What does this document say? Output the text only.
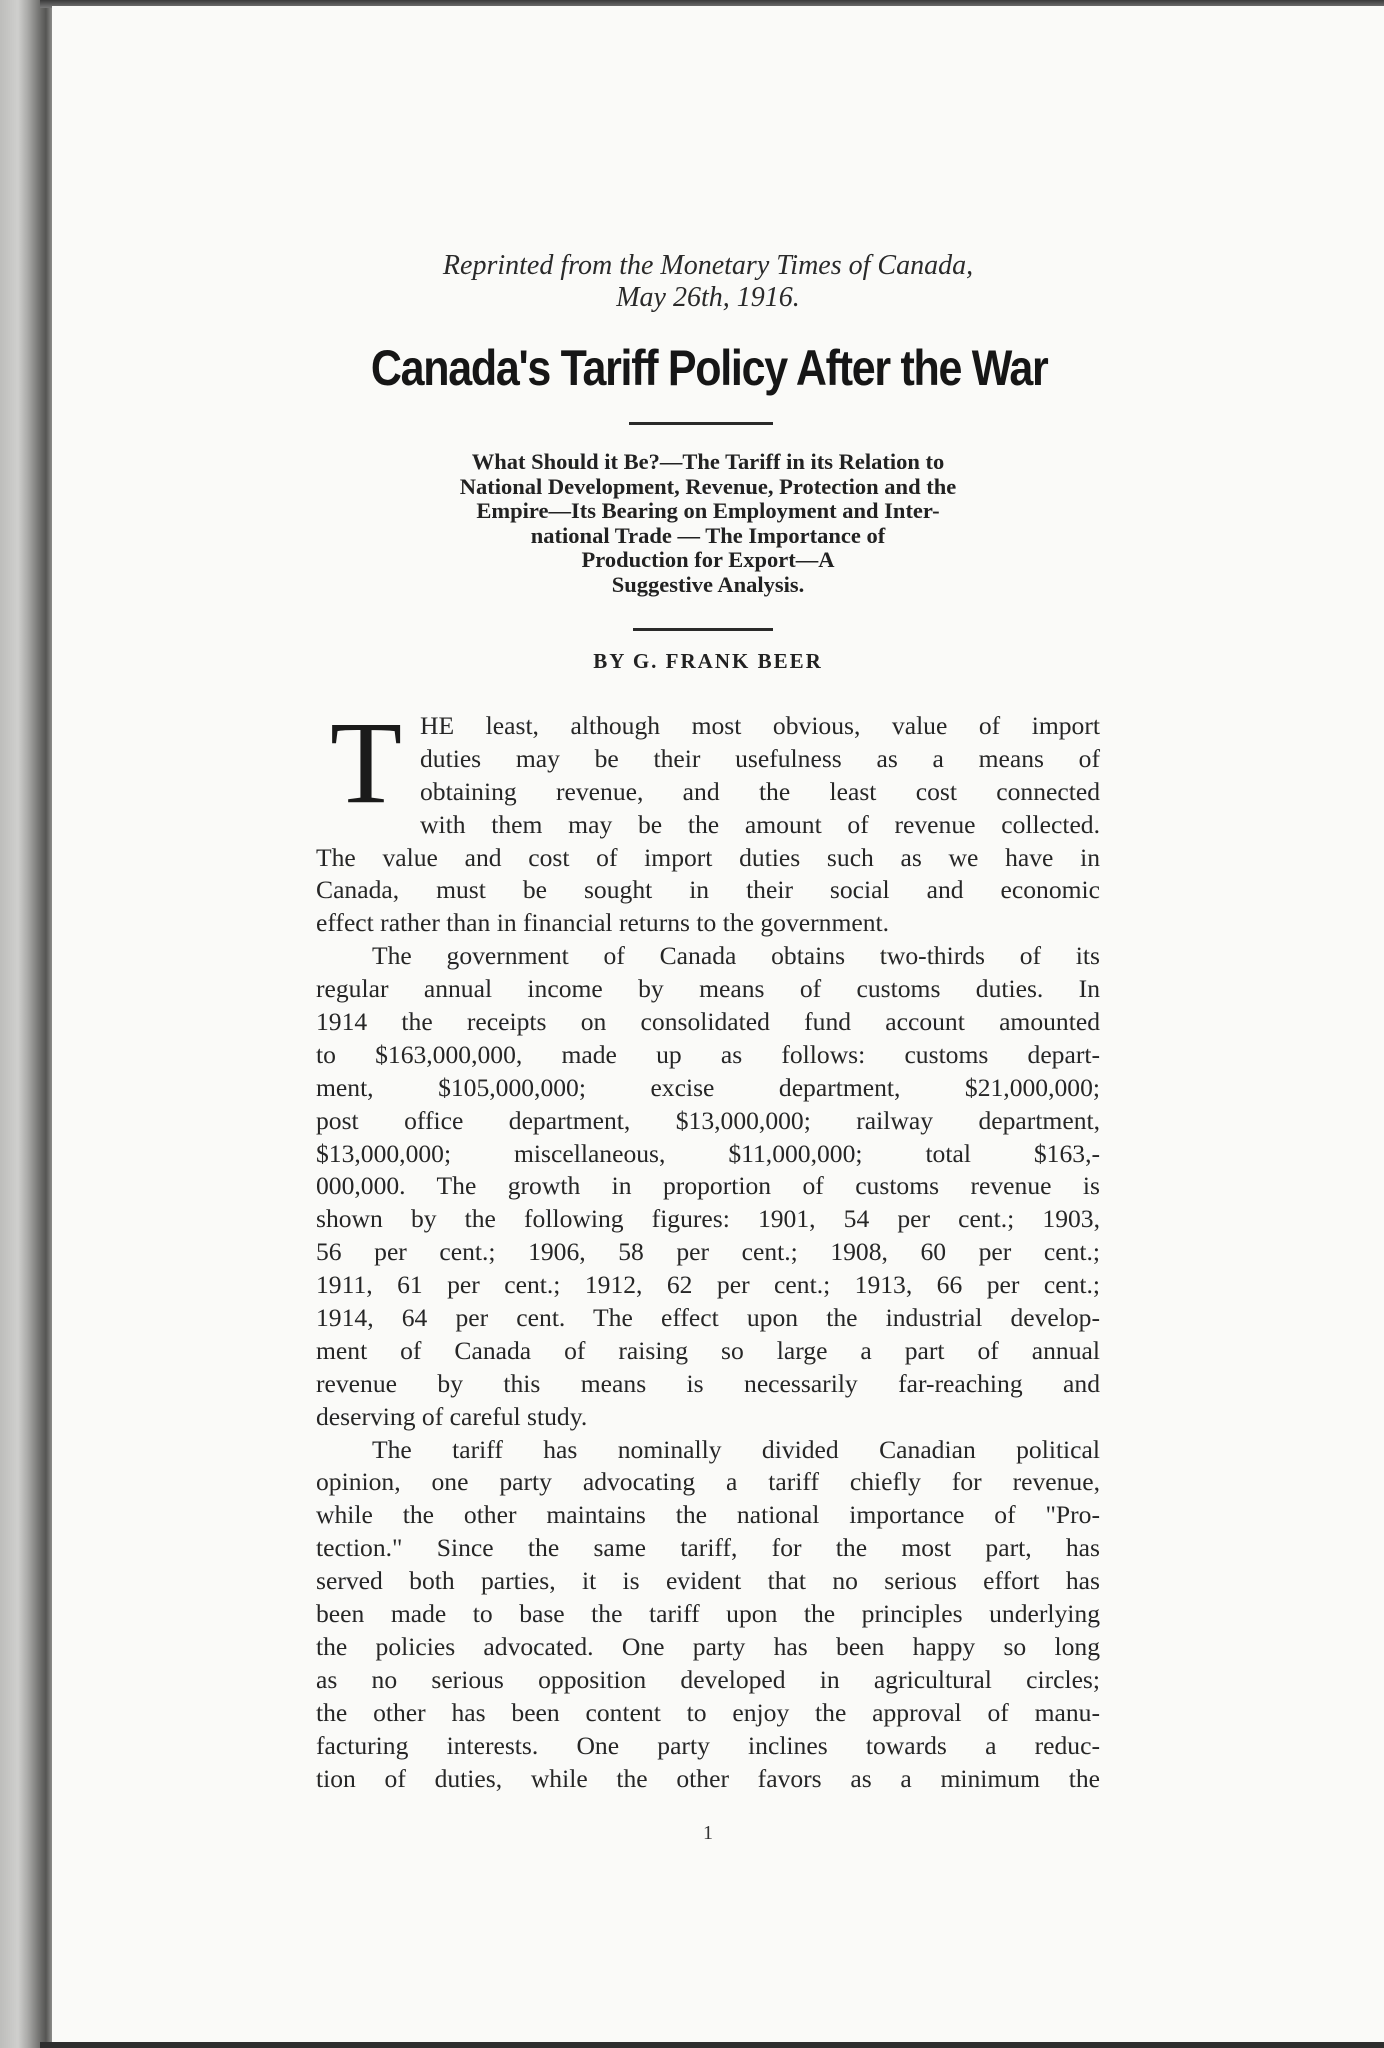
Reprinted from the Monetary Times of Canada,
May 26th, 1916.
Canada's Tariff Policy After the War
What Should it Be?—The Tariff in its Relation to
National Development, Revenue, Protection and the
Empire—Its Bearing on Employment and Inter-
national Trade — The Importance of
Production for Export—A
Suggestive Analysis.
BY G. FRANK BEER
T HE least, although most obvious, value of import
duties may be their usefulness as a means of
obtaining revenue, and the least cost connected
with them may be the amount of revenue collected.
The value and cost of import duties such as we have in
Canada, must be sought in their social and economic
effect rather than in financial returns to the government.
The government of Canada obtains two-thirds of its
regular annual income by means of customs duties. In
1914 the receipts on consolidated fund account amounted
to $163,000,000, made up as follows: customs depart-
ment, $105,000,000; excise department, $21,000,000;
post office department, $13,000,000; railway department,
$13,000,000; miscellaneous, $11,000,000; total $163,-
000,000. The growth in proportion of customs revenue is
shown by the following figures: 1901, 54 per cent.; 1903,
56 per cent.; 1906, 58 per cent.; 1908, 60 per cent.;
1911, 61 per cent.; 1912, 62 per cent.; 1913, 66 per cent.;
1914, 64 per cent. The effect upon the industrial develop-
ment of Canada of raising so large a part of annual
revenue by this means is necessarily far-reaching and
deserving of careful study.
The tariff has nominally divided Canadian political
opinion, one party advocating a tariff chiefly for revenue,
while the other maintains the national importance of "Pro-
tection." Since the same tariff, for the most part, has
served both parties, it is evident that no serious effort has
been made to base the tariff upon the principles underlying
the policies advocated. One party has been happy so long
as no serious opposition developed in agricultural circles;
the other has been content to enjoy the approval of manu-
facturing interests. One party inclines towards a reduc-
tion of duties, while the other favors as a minimum the
1
